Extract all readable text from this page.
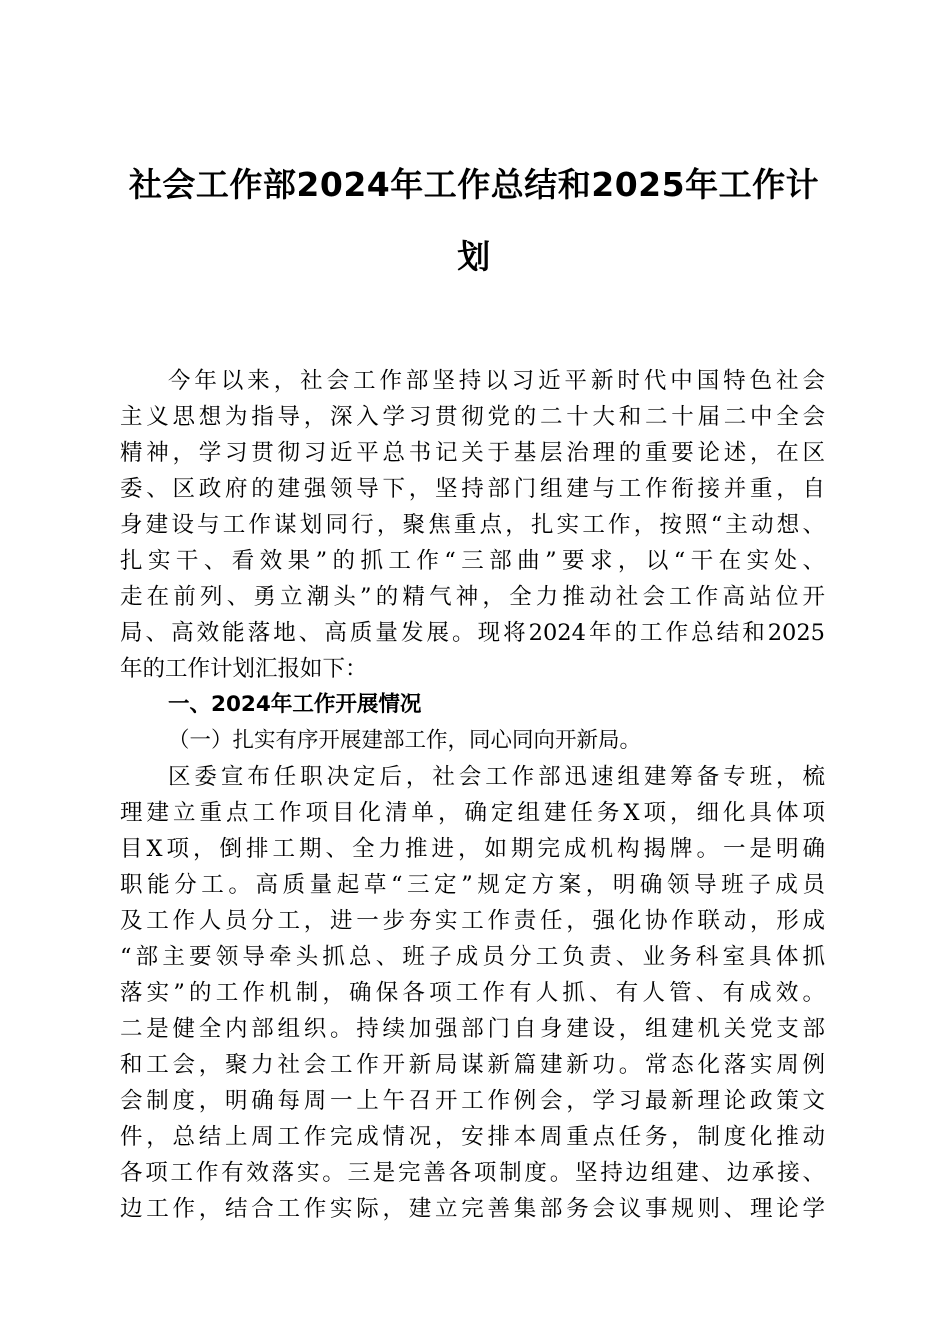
社会工作部2024年工作总结和2025年工作计
划
今年以来，社会工作部坚持以习近平新时代中国特色社会
主义思想为指导，深入学习贯彻党的二十大和二十届二中全会
精神，学习贯彻习近平总书记关于基层治理的重要论述，在区
委、区政府的建强领导下，坚持部门组建与工作衔接并重，自
身建设与工作谋划同行，聚焦重点，扎实工作，按照“主动想、
扎实干、看效果”的抓工作“三部曲”要求，以“干在实处、
走在前列、勇立潮头”的精气神，全力推动社会工作高站位开
局、高效能落地、高质量发展。现将2024年的工作总结和2025
年的工作计划汇报如下：
一、2024年工作开展情况
（一）扎实有序开展建部工作，同心同向开新局。
区委宣布任职决定后，社会工作部迅速组建筹备专班，梳
理建立重点工作项目化清单，确定组建任务X项，细化具体项
目X项，倒排工期、全力推进，如期完成机构揭牌。一是明确
职能分工。高质量起草“三定”规定方案，明确领导班子成员
及工作人员分工，进一步夯实工作责任，强化协作联动，形成
“部主要领导牵头抓总、班子成员分工负责、业务科室具体抓
落实”的工作机制，确保各项工作有人抓、有人管、有成效。
二是健全内部组织。持续加强部门自身建设，组建机关党支部
和工会，聚力社会工作开新局谋新篇建新功。常态化落实周例
会制度，明确每周一上午召开工作例会，学习最新理论政策文
件，总结上周工作完成情况，安排本周重点任务，制度化推动
各项工作有效落实。三是完善各项制度。坚持边组建、边承接、
边工作，结合工作实际，建立完善集部务会议事规则、理论学
